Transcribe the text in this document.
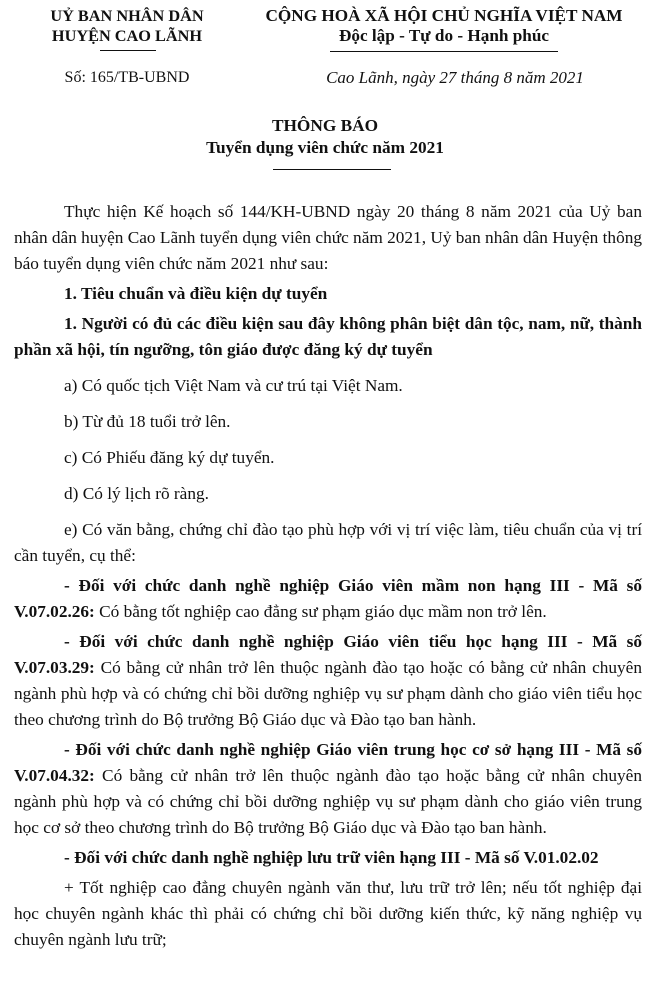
UỶ BAN NHÂN DÂN
HUYỆN CAO LÃNH
CỘNG HOÀ XÃ HỘI CHỦ NGHĨA VIỆT NAM
Độc lập - Tự do - Hạnh phúc
Số: 165/TB-UBND	Cao Lãnh, ngày 27 tháng 8 năm 2021
THÔNG BÁO
Tuyển dụng viên chức năm 2021

Thực hiện Kế hoạch số 144/KH-UBND ngày 20 tháng 8 năm 2021 của Uỷ ban nhân dân huyện Cao Lãnh tuyển dụng viên chức năm 2021, Uỷ ban nhân dân Huyện thông báo tuyển dụng viên chức năm 2021 như sau:

1. Tiêu chuẩn và điều kiện dự tuyển

1. Người có đủ các điều kiện sau đây không phân biệt dân tộc, nam, nữ, thành phần xã hội, tín ngưỡng, tôn giáo được đăng ký dự tuyển

a) Có quốc tịch Việt Nam và cư trú tại Việt Nam.

b) Từ đủ 18 tuổi trở lên.

c) Có Phiếu đăng ký dự tuyển.

d) Có lý lịch rõ ràng.

e) Có văn bằng, chứng chỉ đào tạo phù hợp với vị trí việc làm, tiêu chuẩn của vị trí cần tuyển, cụ thể:

- Đối với chức danh nghề nghiệp Giáo viên mầm non hạng III - Mã số V.07.02.26: Có bằng tốt nghiệp cao đẳng sư phạm giáo dục mầm non trở lên.

- Đối với chức danh nghề nghiệp Giáo viên tiểu học hạng III - Mã số V.07.03.29: Có bằng cử nhân trở lên thuộc ngành đào tạo hoặc có bằng cử nhân chuyên ngành phù hợp và có chứng chỉ bồi dưỡng nghiệp vụ sư phạm dành cho giáo viên tiểu học theo chương trình do Bộ trưởng Bộ Giáo dục và Đào tạo ban hành.

- Đối với chức danh nghề nghiệp Giáo viên trung học cơ sở hạng III - Mã số V.07.04.32: Có bằng cử nhân trở lên thuộc ngành đào tạo hoặc bằng cử nhân chuyên ngành phù hợp và có chứng chỉ bồi dưỡng nghiệp vụ sư phạm dành cho giáo viên trung học cơ sở theo chương trình do Bộ trưởng Bộ Giáo dục và Đào tạo ban hành.

- Đối với chức danh nghề nghiệp lưu trữ viên hạng III - Mã số V.01.02.02

+ Tốt nghiệp cao đẳng chuyên ngành văn thư, lưu trữ trở lên; nếu tốt nghiệp đại học chuyên ngành khác thì phải có chứng chỉ bồi dưỡng kiến thức, kỹ năng nghiệp vụ chuyên ngành lưu trữ;
